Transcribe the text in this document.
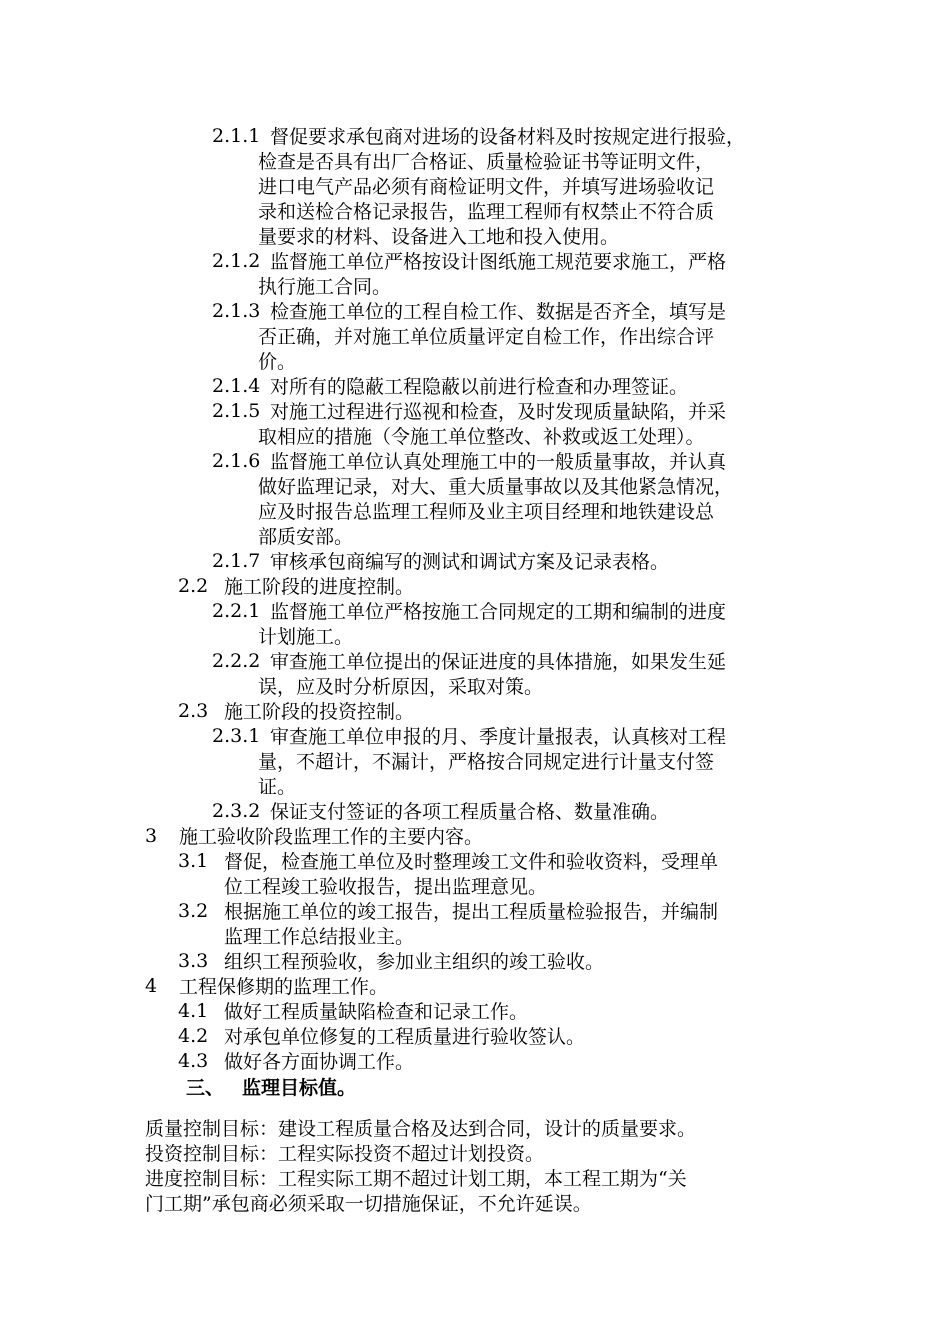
2.1.1 督促要求承包商对进场的设备材料及时按规定进行报验，
检查是否具有出厂合格证、质量检验证书等证明文件，
进口电气产品必须有商检证明文件，并填写进场验收记
录和送检合格记录报告，监理工程师有权禁止不符合质
量要求的材料、设备进入工地和投入使用。
2.1.2 监督施工单位严格按设计图纸施工规范要求施工，严格
执行施工合同。
2.1.3 检查施工单位的工程自检工作、数据是否齐全，填写是
否正确，并对施工单位质量评定自检工作，作出综合评
价。
2.1.4 对所有的隐蔽工程隐蔽以前进行检查和办理签证。
2.1.5 对施工过程进行巡视和检查，及时发现质量缺陷，并采
取相应的措施（令施工单位整改、补救或返工处理）。
2.1.6 监督施工单位认真处理施工中的一般质量事故，并认真
做好监理记录，对大、重大质量事故以及其他紧急情况，
应及时报告总监理工程师及业主项目经理和地铁建设总
部质安部。
2.1.7 审核承包商编写的测试和调试方案及记录表格。
2.2 施工阶段的进度控制。
2.2.1 监督施工单位严格按施工合同规定的工期和编制的进度
计划施工。
2.2.2 审查施工单位提出的保证进度的具体措施，如果发生延
误，应及时分析原因，采取对策。
2.3 施工阶段的投资控制。
2.3.1 审查施工单位申报的月、季度计量报表，认真核对工程
量，不超计，不漏计，严格按合同规定进行计量支付签
证。
2.3.2 保证支付签证的各项工程质量合格、数量准确。
3	施工验收阶段监理工作的主要内容。
3.1 督促，检查施工单位及时整理竣工文件和验收资料，受理单
位工程竣工验收报告，提出监理意见。
3.2 根据施工单位的竣工报告，提出工程质量检验报告，并编制
监理工作总结报业主。
3.3 组织工程预验收，参加业主组织的竣工验收。
4	工程保修期的监理工作。
4.1 做好工程质量缺陷检查和记录工作。
4.2 对承包单位修复的工程质量进行验收签认。
4.3 做好各方面协调工作。
三、 监理目标值。
质量控制目标：建设工程质量合格及达到合同，设计的质量要求。
投资控制目标：工程实际投资不超过计划投资。
进度控制目标：工程实际工期不超过计划工期，本工程工期为“关
门工期”承包商必须采取一切措施保证，不允许延误。
